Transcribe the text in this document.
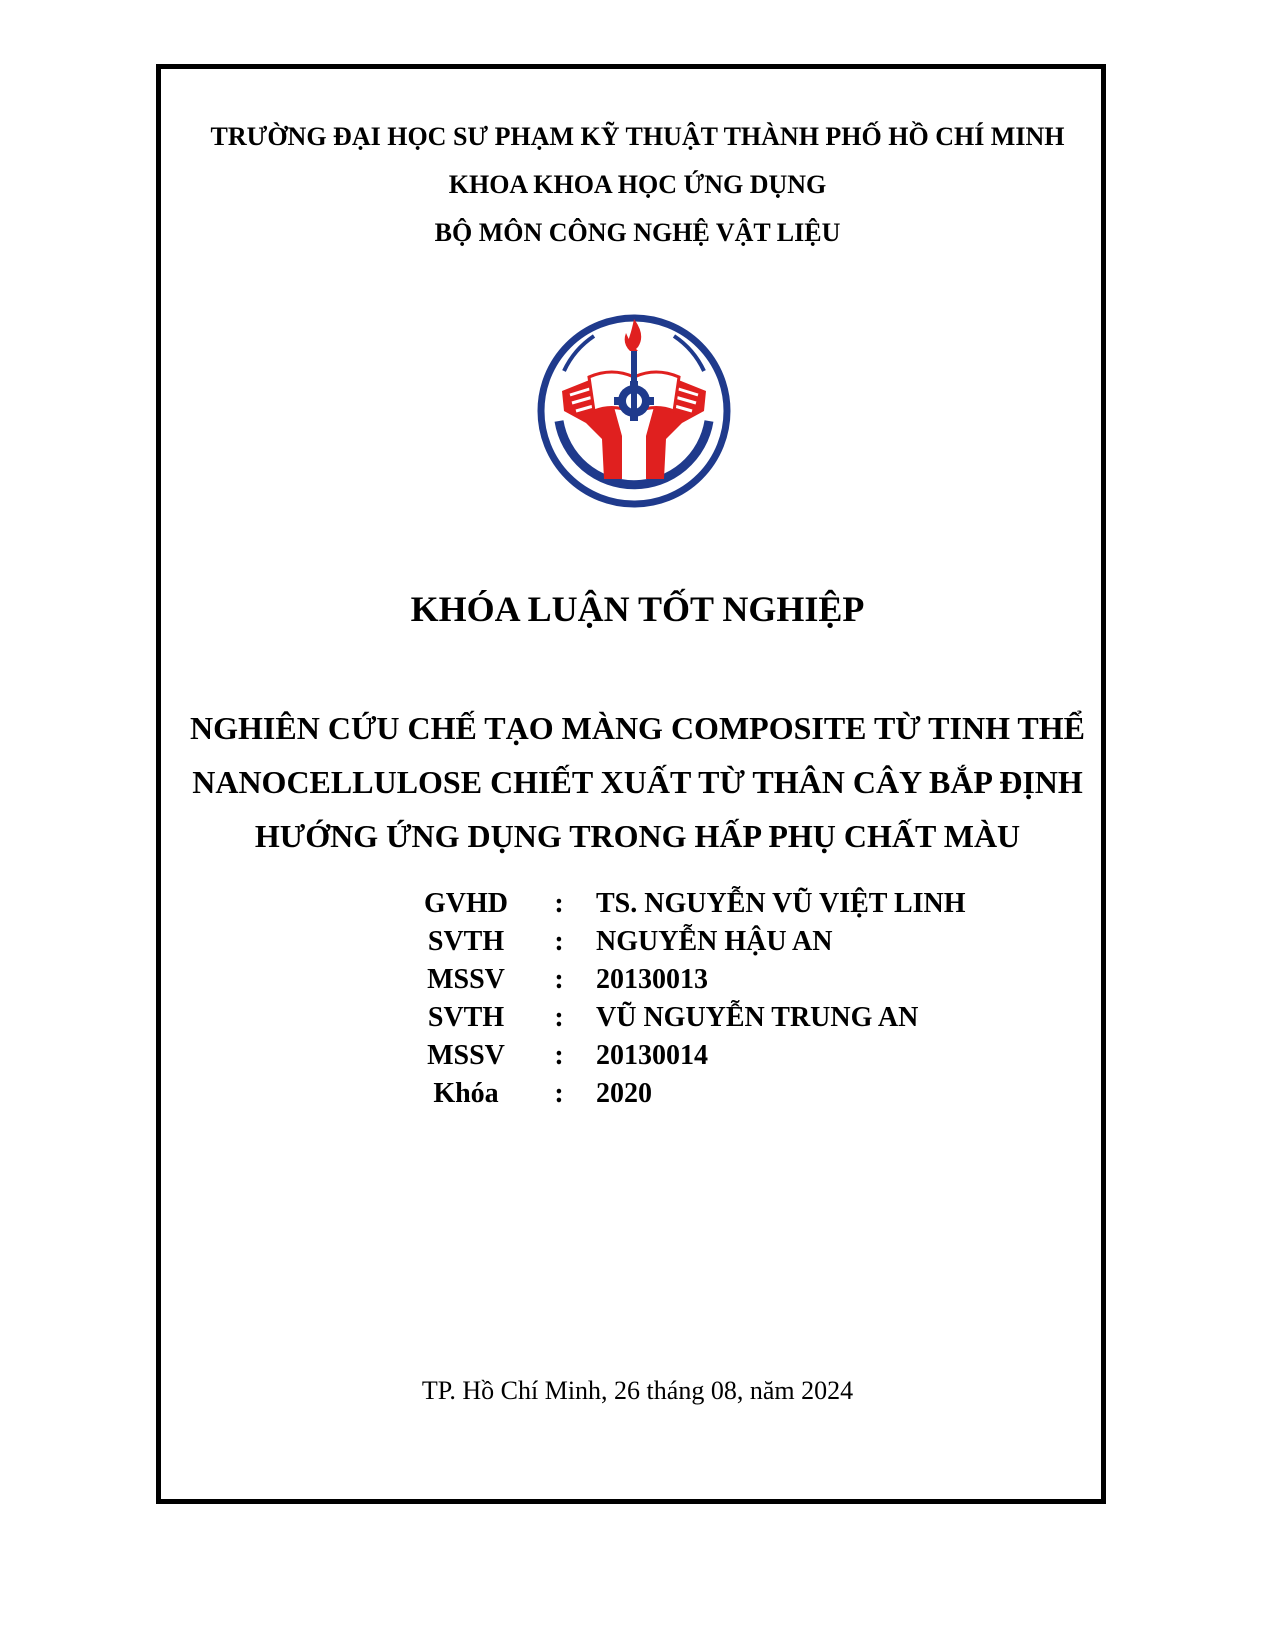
TRƯỜNG ĐẠI HỌC SƯ PHẠM KỸ THUẬT THÀNH PHỐ HỒ CHÍ MINH
KHOA KHOA HỌC ỨNG DỤNG
BỘ MÔN CÔNG NGHỆ VẬT LIỆU
KHÓA LUẬN TỐT NGHIỆP
NGHIÊN CỨU CHẾ TẠO MÀNG COMPOSITE TỪ TINH THỂ
NANOCELLULOSE CHIẾT XUẤT TỪ THÂN CÂY BẮP ĐỊNH
HƯỚNG ỨNG DỤNG TRONG HẤP PHỤ CHẤT MÀU
GVHD : TS. NGUYỄN VŨ VIỆT LINH
SVTH	: NGUYỄN HẬU AN
MSSV	: 20130013
SVTH	: VŨ NGUYỄN TRUNG AN
MSSV	: 20130014
Khóa	: 2020
TP. Hồ Chí Minh, 26 tháng 08, năm 2024
